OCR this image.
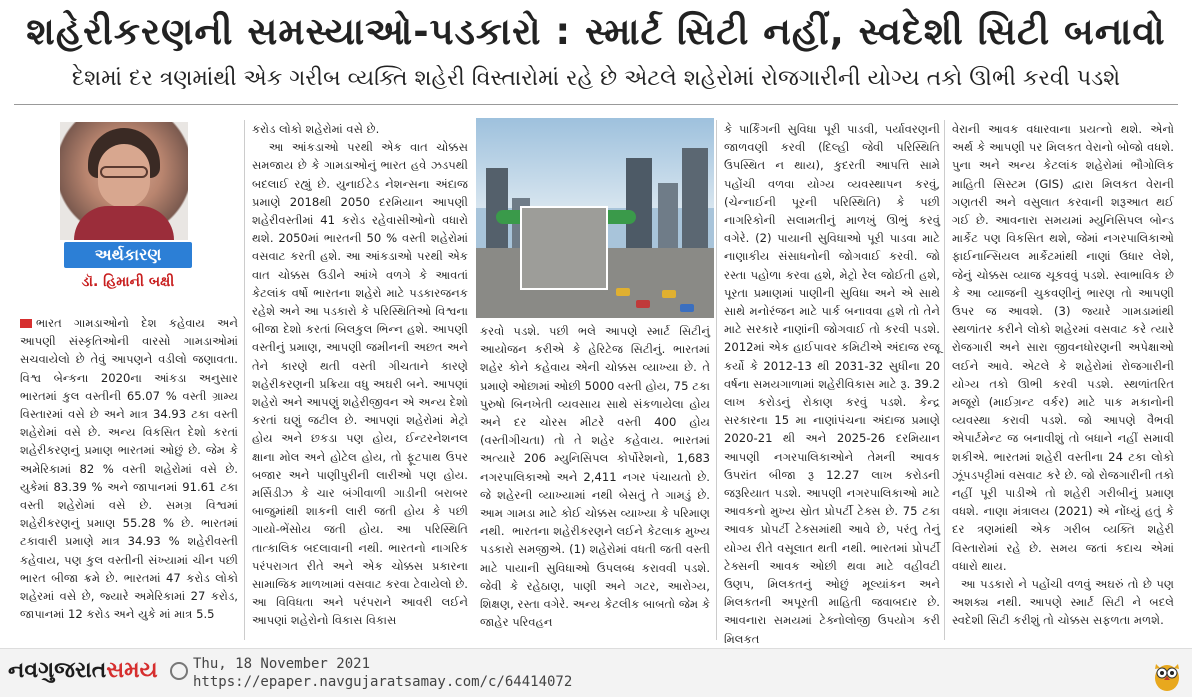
શહેરીકરણની સમસ્યાઓ-પડકારો : સ્માર્ટ સિટી નહીં, સ્વદેશી સિટી બનાવો
દેશમાં દર ત્રણમાંથી એક ગરીબ વ્યક્તિ શહેરી વિસ્તારોમાં રહે છે એટલે શહેરોમાં રોજગારીની યોગ્ય તકો ઊભી કરવી પડશે
અર્થકારણ
ડૉ. હિમાની બક્ષી
ભારત ગામડાઓનો દેશ કહેવાય અને આપણી સંસ્કૃતિઓની વારસો ગામડાઓમાં સચવાયેલો છે તેવું આપણને વડીલો જણાવતા. વિશ્વ બેન્કના 2020ના આંકડા અનુસાર ભારતમાં કુલ વસ્તીની 65.07 % વસ્તી ગ્રામ્ય વિસ્તારમાં વસે છે અને માત્ર 34.93 ટકા વસ્તી શહેરોમાં વસે છે. અન્ય વિકસિત દેશો કરતાં શહેરીકરણનું પ્રમાણ ભારતમાં ઓછું છે. જેમ કે અમેરિકામાં 82 % વસ્તી શહેરોમાં વસે છે. યુકેમાં 83.39 % અને જાપાનમાં 91.61 ટકા વસ્તી શહેરોમાં વસે છે. સમગ્ર વિશ્વમાં શહેરીકરણનું પ્રમાણ 55.28 % છે. ભારતમાં ટકાવારી પ્રમાણે માત્ર 34.93 % શહેરીવસ્તી કહેવાય, પણ કુલ વસ્તીની સંખ્યામાં ચીન પછી ભારત બીજા ક્રમે છે. ભારતમાં 47 કરોડ લોકો શહેરમાં વસે છે, જ્યારે અમેરિકામાં 27 કરોડ, જાપાનમાં 12 કરોડ અને યુકે માં માત્ર 5.5
કરોડ લોકો શહેરોમાં વસે છે.
આ આંકડાઓ પરથી એક વાત ચોક્કસ સમજાય છે કે ગામડાઓનું ભારત હવે ઝડપથી બદલાઈ રહ્યું છે. યુનાઈટેડ નેશન્સના અંદાજ પ્રમાણે 2018થી 2050 દરમિયાન આપણી શહેરીવસ્તીમાં 41 કરોડ રહેવાસીઓનો વધારો થશે. 2050માં ભારતની 50 % વસ્તી શહેરોમાં વસવાટ કરતી હશે. આ આંકડાઓ પરથી એક વાત ચોક્કસ ઉડીને આંખે વળગે કે આવતાં કેટલાંક વર્ષો ભારતના શહેરો માટે પડકારજનક રહેશે અને આ પડકારો કે પરિસ્થિતિઓ વિશ્વના બીજા દેશો કરતાં બિલકુલ ભિન્ન હશે. આપણી વસ્તીનું પ્રમાણ, આપણી જમીનની અછત અને તેને કારણે થતી વસ્તી ગીચતાને કારણે શહેરીકરણની પ્રક્રિયા વધુ અઘરી બને. આપણાં શહેરો અને આપણું શહેરીજીવન એ અન્ય દેશો કરતાં ઘણું જટીલ છે. આપણાં શહેરોમાં મેટ્રો હોય અને છકડા પણ હોય, ઈન્ટરનેશનલ ક્ષાના મોલ અને હોટેલ હોય, તો ફૂટપાથ ઉપર બજાર અને પાણીપુરીની લારીઓ પણ હોય. મર્સિડીઝ કે ચાર બંગીવાળી ગાડીની બરાબર બાજુમાંથી શાકની લારી જતી હોય કે પછી ગાયો-ભેંસોય જતી હોય. આ પરિસ્થિતિ તાત્કાલિક બદલાવાની નથી. ભારતનો નાગરિક પરંપરાગત રીતે અને એક ચોક્કસ પ્રકારના સામાજિક માળખામાં વસવાટ કરવા ટેવાયેલો છે. આ વિવિધતા અને પરંપરાને આવરી લઈને આપણાં શહેરોનો વિકાસ વિકાસ
કરવો પડશે. પછી ભલે આપણે સ્માર્ટ સિટીનું આયોજન કરીએ કે હેરિટેજ સિટીનું. ભારતમાં શહેર કોને કહેવાય એની ચોક્કસ વ્યાખ્યા છે. તે પ્રમાણે ઓછામાં ઓછી 5000 વસ્તી હોય, 75 ટકા પુરુષો બિનખેતી વ્યવસાય સાથે સંકળાયેલા હોય અને દર ચોરસ મીટરે વસ્તી 400 હોય (વસ્તીગીચતા) તો તે શહેર કહેવાય. ભારતમાં અત્યારે 206 મ્યુનિસિપલ કોર્પોરેશનો, 1,683 નગરપાલિકાઓ અને 2,411 નગર પંચાયતો છે. જે શહેરની વ્યાખ્યામાં નથી બેસતું તે ગામડું છે. આમ ગામડા માટે કોઈ ચોક્કસ વ્યાખ્યા કે પરિમાણ નથી.  ભારતના શહેરીકરણને લઈને કેટલાક મુખ્ય પડકારો સમજીએ. (1) શહેરોમાં વધતી જતી વસ્તી માટે પાયાની સુવિધાઓ ઉપલબ્ધ કરાવવી પડશે. જેવી કે રહેઠાણ, પાણી અને ગટર, આરોગ્ય, શિક્ષણ, રસ્તા વગેરે. અન્ય કેટલીક બાબતો જેમ કે જાહેર પરિવહન
કે પાર્કિંગની સુવિધા પૂરી પાડવી, પર્યાવરણની જાળવણી કરવી (દિલ્હી જેવી પરિસ્થિતિ ઉપસ્થિત ન થાય), કુદરતી આપત્તિ સામે પહોંચી વળવા યોગ્ય વ્યવસ્થાપન કરવું, (ચેન્નાઈની પૂરની પરિસ્થિતિ) કે પછી નાગરિકોની સલામતીનું માળખું ઊભું કરવું વગેરે. (2) પાયાની સુવિધાઓ પૂરી પાડવા માટે નાણાકીય સંસાધનોની જોગવાઈ કરવી. જો રસ્તા પહોળા કરવા હશે, મેટ્રો રેલ જોઈતી હશે, પૂરતા પ્રમાણમાં પાણીની સુવિધા અને એ સાથે સાથે મનોરંજન માટે પાર્ક બનાવવા હશે તો તેને માટે સરકારે નાણાંની જોગવાઈ તો કરવી પડશે. 2012માં એક હાઈપાવર કમિટીએ અંદાજ રજૂ કર્યો કે 2012-13 થી 2031-32 સુધીના 20 વર્ષના સમયગાળામાં શહેરીવિકાસ માટે રૂ. 39.2 લાખ કરોડનું રોકાણ કરવું પડશે. કેન્દ્ર સરકારના 15 મા નાણાંપંચના અંદાજ પ્રમાણે 2020-21 થી અને 2025-26 દરમિયાન આપણી નગરપાલિકાઓને તેમની આવક ઉપરાંત બીજા રૂ 12.27 લાખ કરોડની જરૂરિયાત પડશે. આપણી નગરપાલિકાઓ માટે આવકનો મુખ્ય સ્રોત પ્રોપર્ટી ટેક્સ છે. 75 ટકા આવક પ્રોપર્ટી ટેક્સમાંથી આવે છે, પરંતુ તેનું યોગ્ય રીતે વસૂલાત થતી નથી. ભારતમાં પ્રોપર્ટી ટેક્સની આવક ઓછી થવા માટે વહીવટી ઉણપ, મિલકતનું ઓછું મૂલ્યાંકન અને મિલકતની અપૂરતી માહિતી જવાબદાર છે. આવનારા સમયમાં ટેક્નોલોજી ઉપયોગ કરી મિલકત
વેરાની આવક વધારવાના પ્રયત્નો થશે. એનો અર્થ કે આપણી પર મિલકત વેરાનો બોજો વધશે. પુના અને અન્ય કેટલાંક શહેરોમાં ભૌગોલિક માહિતી સિસ્ટમ (GIS) દ્વારા મિલકત વેરાની ગણતરી અને વસુલાત કરવાની શરૂઆત થઈ ગઈ છે. આવનારા સમયમાં મ્યુનિસિપલ બોન્ડ માર્કેટ પણ વિકસિત થશે, જેમાં નગરપાલિકાઓ ફાઈનાન્સિયલ માર્કેટમાંથી નાણાં ઉધાર લેશે, જેનું ચોક્કસ વ્યાજ ચૂકવવું પડશે. સ્વાભાવિક છે કે આ વ્યાજની ચુકવણીનું ભારણ તો આપણી ઉપર જ આવશે. (3) જ્યારે ગામડામાંથી સ્થળાંતર કરીને લોકો શહેરમાં વસવાટ કરે ત્યારે રોજગારી અને સારા જીવનધોરણની અપેક્ષાઓ લઈને આવે. એટલે કે શહેરોમાં રોજગારીની યોગ્ય તકો ઊભી કરવી પડશે. સ્થળાંતરિત મજૂરો (માઈગ્રન્ટ વર્કર) માટે પાક મકાનોની વ્યવસ્થા કરાવી પડશે. જો આપણે વૈભવી એપાર્ટમેન્ટ જ બનાવીશું તો બધાને નહીં સમાવી શકીએ. ભારતમાં શહેરી વસ્તીના 24 ટકા લોકો ઝૂંપડપટ્ટીમાં વસવાટ કરે છે. જો રોજગારીની તકો નહીં પૂરી પાડીએ તો શહેરી ગરીબીનું પ્રમાણ વધશે. નાણા મંત્રાલય (2021) એ નોંધ્યું હતું કે દર ત્રણમાંથી એક ગરીબ વ્યક્તિ શહેરી વિસ્તારોમાં રહે છે. સમય જતાં કદાચ એમાં વધારો થાય.
આ પડકારો ને પહોંચી વળવું અઘરું તો છે પણ અશક્ય નથી. આપણે સ્માર્ટ સિટી ને બદલે સ્વદેશી સિટી કરીશું તો ચોક્કસ સફળતા મળશે.
નવગુજરાતસમય ○ Thu, 18 November 2021
https://epaper.navgujaratsamay.com/c/64414072
